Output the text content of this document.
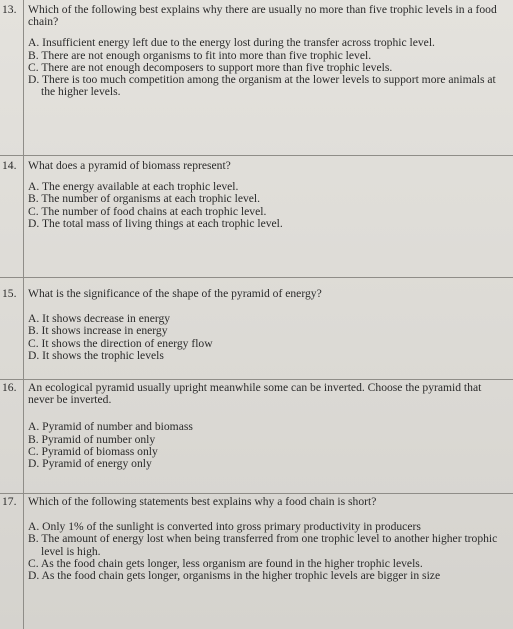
13. Which of the following best explains why there are usually no more than five trophic levels in a food chain?

A. Insufficient energy left due to the energy lost during the transfer across trophic level.

B. There are not enough organisms to fit into more than five trophic level.

C. There are not enough decomposers to support more than five trophic levels.

D. There is too much competition among the organism at the lower levels to support more animals at the higher levels.

14. What does a pyramid of biomass represent?

A. The energy available at each trophic level.

B. The number of organisms at each trophic level.

C. The number of food chains at each trophic level.

D. The total mass of living things at each trophic level.

15. What is the significance of the shape of the pyramid of energy?

A. It shows decrease in energy

B. It shows increase in energy

C. It shows the direction of energy flow

D. It shows the trophic levels

16. An ecological pyramid usually upright meanwhile some can be inverted. Choose the pyramid that never be inverted.

A. Pyramid of number and biomass

B. Pyramid of number only

C. Pyramid of biomass only

D. Pyramid of energy only

17. Which of the following statements best explains why a food chain is short?

A. Only 1% of the sunlight is converted into gross primary productivity in producers

B. The amount of energy lost when being transferred from one trophic level to another higher trophic level is high.

C. As the food chain gets longer, less organism are found in the higher trophic levels.

D. As the food chain gets longer, organisms in the higher trophic levels are bigger in size
